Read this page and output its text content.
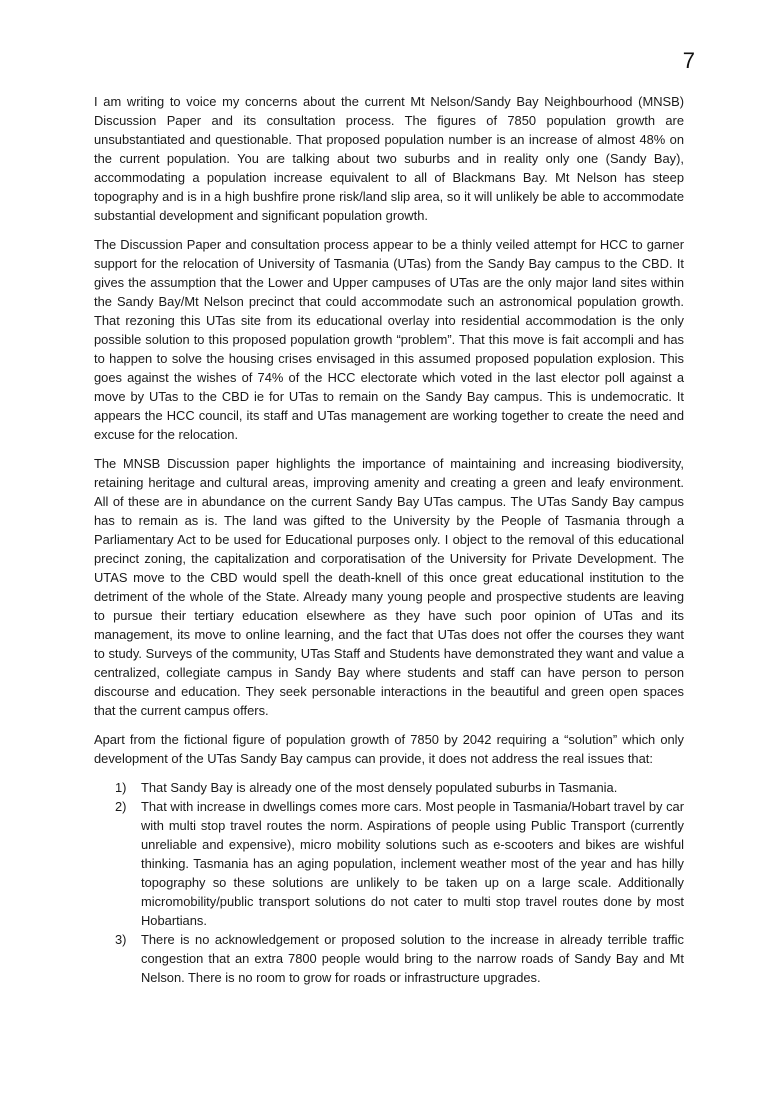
7

I am writing to voice my concerns about the current Mt Nelson/Sandy Bay Neighbourhood (MNSB) Discussion Paper and its consultation process. The figures of 7850 population growth are unsubstantiated and questionable. That proposed population number is an increase of almost 48% on the current population. You are talking about two suburbs and in reality only one (Sandy Bay), accommodating a population increase equivalent to all of Blackmans Bay. Mt Nelson has steep topography and is in a high bushfire prone risk/land slip area, so it will unlikely be able to accommodate substantial development and significant population growth.

The Discussion Paper and consultation process appear to be a thinly veiled attempt for HCC to garner support for the relocation of University of Tasmania (UTas) from the Sandy Bay campus to the CBD. It gives the assumption that the Lower and Upper campuses of UTas are the only major land sites within the Sandy Bay/Mt Nelson precinct that could accommodate such an astronomical population growth. That rezoning this UTas site from its educational overlay into residential accommodation is the only possible solution to this proposed population growth “problem”. That this move is fait accompli and has to happen to solve the housing crises envisaged in this assumed proposed population explosion. This goes against the wishes of 74% of the HCC electorate which voted in the last elector poll against a move by UTas to the CBD ie for UTas to remain on the Sandy Bay campus. This is undemocratic. It appears the HCC council, its staff and UTas management are working together to create the need and excuse for the relocation.

The MNSB Discussion paper highlights the importance of maintaining and increasing biodiversity, retaining heritage and cultural areas, improving amenity and creating a green and leafy environment. All of these are in abundance on the current Sandy Bay UTas campus. The UTas Sandy Bay campus has to remain as is. The land was gifted to the University by the People of Tasmania through a Parliamentary Act to be used for Educational purposes only. I object to the removal of this educational precinct zoning, the capitalization and corporatisation of the University for Private Development. The UTAS move to the CBD would spell the death-knell of this once great educational institution to the detriment of the whole of the State. Already many young people and prospective students are leaving to pursue their tertiary education elsewhere as they have such poor opinion of UTas and its management, its move to online learning, and the fact that UTas does not offer the courses they want to study. Surveys of the community, UTas Staff and Students have demonstrated they want and value a centralized, collegiate campus in Sandy Bay where students and staff can have person to person discourse and education. They seek personable interactions in the beautiful and green open spaces that the current campus offers.

Apart from the fictional figure of population growth of 7850 by 2042 requiring a “solution” which only development of the UTas Sandy Bay campus can provide, it does not address the real issues that:

1)	That Sandy Bay is already one of the most densely populated suburbs in Tasmania.
2)	That with increase in dwellings comes more cars. Most people in Tasmania/Hobart travel by car with multi stop travel routes the norm. Aspirations of people using Public Transport (currently unreliable and expensive), micro mobility solutions such as e-scooters and bikes are wishful thinking. Tasmania has an aging population, inclement weather most of the year and has hilly topography so these solutions are unlikely to be taken up on a large scale. Additionally micromobility/public transport solutions do not cater to multi stop travel routes done by most Hobartians.
3)	There is no acknowledgement or proposed solution to the increase in already terrible traffic congestion that an extra 7800 people would bring to the narrow roads of Sandy Bay and Mt Nelson. There is no room to grow for roads or infrastructure upgrades.
